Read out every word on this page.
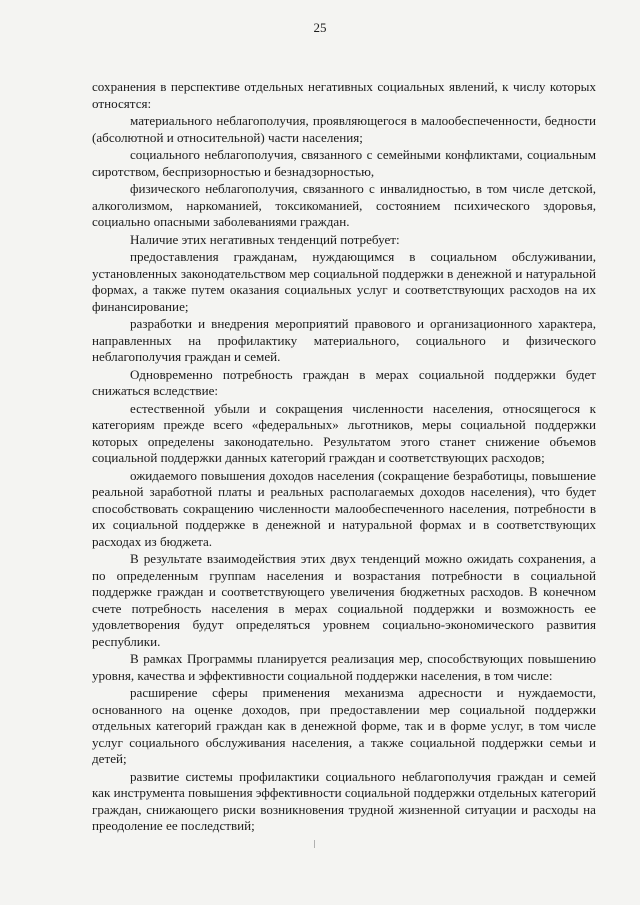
25

сохранения в перспективе отдельных негативных социальных явлений, к числу которых относятся:

материального неблагополучия, проявляющегося в малообеспеченности, бедности (абсолютной и относительной) части населения;

социального неблагополучия, связанного с семейными конфликтами, социальным сиротством, беспризорностью и безнадзорностью,

физического неблагополучия, связанного с инвалидностью, в том числе детской, алкоголизмом, наркоманией, токсикоманией, состоянием психического здоровья, социально опасными заболеваниями граждан.

Наличие этих негативных тенденций потребует:

предоставления гражданам, нуждающимся в социальном обслуживании, установленных законодательством мер социальной поддержки в денежной и натуральной формах, а также путем оказания социальных услуг и соответствующих расходов на их финансирование;

разработки и внедрения мероприятий правового и организационного характера, направленных на профилактику материального, социального и физического неблагополучия граждан и семей.

Одновременно потребность граждан в мерах социальной поддержки будет снижаться вследствие:

естественной убыли и сокращения численности населения, относящегося к категориям прежде всего «федеральных» льготников, меры социальной поддержки которых определены законодательно. Результатом этого станет снижение объемов социальной поддержки данных категорий граждан и соответствующих расходов;

ожидаемого повышения доходов населения (сокращение безработицы, повышение реальной заработной платы и реальных располагаемых доходов населения), что будет способствовать сокращению численности малообеспеченного населения, потребности в их социальной поддержке в денежной и натуральной формах и в соответствующих расходах из бюджета.

В результате взаимодействия этих двух тенденций можно ожидать сохранения, а по определенным группам населения и возрастания потребности в социальной поддержке граждан и соответствующего увеличения бюджетных расходов. В конечном счете потребность населения в мерах социальной поддержки и возможность ее удовлетворения будут определяться уровнем социально-экономического развития республики.

В рамках Программы планируется реализация мер, способствующих повышению уровня, качества и эффективности социальной поддержки населения, в том числе:

расширение сферы применения механизма адресности и нуждаемости, основанного на оценке доходов, при предоставлении мер социальной поддержки отдельных категорий граждан как в денежной форме, так и в форме услуг, в том числе услуг социального обслуживания населения, а также социальной поддержки семьи и детей;

развитие системы профилактики социального неблагополучия граждан и семей как инструмента повышения эффективности социальной поддержки отдельных категорий граждан, снижающего риски возникновения трудной жизненной ситуации и расходы на преодоление ее последствий;
